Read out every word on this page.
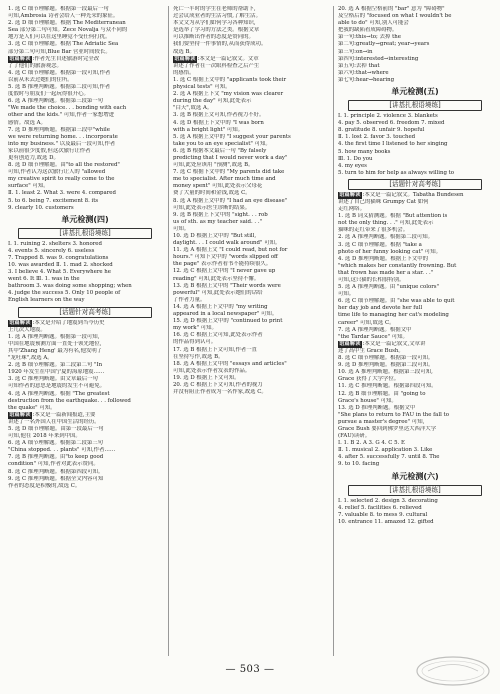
1. 选 C 细节理解题。根据第一段最后一句
可知,Ambrosia 诗者会给人一种光荣的象征。
2. 选 D 细节理解题。根据 The Mediterranean
Sea 部分第二句可知。Zece Novalja 与众不同的
地方是人们可以在这里睡觉不受任何打扰。
3. 选 C 细节理解题。根据 The Adriatic Sea
部分第二句可知,Blue Bar 营业时间较长。
语篇解读 :作者先生自述旅游时完全改
了了他们的旅游观念。
4. 选 C 细节理解题。根据第一段可知,作者
以前从未去过她们的住所。
5. 选 B 推理判断题。根据第二段可知,作者
度假时与朋友们一起玩得很开心。
6. 选 A 推理判断题。根据第三段第一句
"We made the choice. . . bonding with each
other and the kids." 可知,作者一家想增进
感情。故选 A。
7. 选 D 推理判断题。根据第三段中"while
we were returning home. . . incorporate
into my business." 以及最后一段可知,作者
家以前很少度假,但这次旅行让作者
更有创造力,故选 D。
8. 选 D 细节理解题。由"to all the restored"
可知,作者认为这次旅行让人的 "allowed
my creative spirit to really come to the
surface" 可知。
Ⅱ. 1. least 2. What 3. were 4. compared
5. to 6. being 7. excitement 8. its
9. clearly 10. customers
单元检测(四)
[讲基扎根语境练]
Ⅰ. 1. ruining 2. shelters 3. honored
4. events 5. sincerely 6. useless
7. Trapped 8. was 9. congratulations
10. was awarded Ⅱ. 1. mad 2. shocked
3. I believe 4. What 5. Everywhere he
went 6. It Ⅲ. 1. was in the
bathroom 3. was doing some shopping; when
4. judge the success 5. Only 10 people of
English learners on the way
[话题针对高考练]
语篇解读 :本文是介绍了地震到当今历史
上几次大地震。
1. 选 A 推理判断题。根据第一段可知,
中国在地震预测方面一直处于领先地位,
其中'Zhang Heng' 最为有名,他发明了
"龙吐珠",故选 A。
2. 选 B 细节理解题。第二段第二句 "In
1920 年发生在中国宁夏的海原地震……
3. 选 C 推理判断题。由文章最后一句
可知作者的意思是地震的发生不可避免。
4. 选 A 推理判断题。根据 "The greatest
destruction from the earthquake. . . followed
the quake" 可知。
语篇解读 :本文是一篇新闻报道,主要
讲述了一名外国人在中国生活的经历。
5. 选 D 细节理解题。由第一段最后一句
可知,他在 2018 年来到中国。
6. 选 A 细节理解题。根据第二段第三句
"China stopped. . . plants" 可知,作者……
7. 选 B 推理判断题。由"to keep good
condition" 可知,作者对此表示赞同。
8. 选 C 推理判断题。根据第四段可知。
9. 选 C 推理判断题。根据全文内容可知
作者的态度是积极的,故选 C。
死亡一半时的学生在老师的帮助下,
过会议成业者的生活习惯,了解生活。
本文文为从学们如何学习各种知识,
是选举了学习的方法之类。根据文章
可以推断出作者的态度是赞同的。
我们要坚持一件事情的,从而获得成功。
故选 B。
语篇解读 :本文是一篇记叙文。文章
讲述了作者在一次眼科检查之后产生
的感悟。
1. 选 C 根据上文中的 "applicants took their
physical tests" 可知。
2. 选 A 根据上下文 "my vision was clearer
during the day" 可知,此处表示
"白天",故选 A。
3. 选 B 根据上文可知,作者视力不好。
4. 选 D 根据上下文中的 "I was born
with a bright light" 可知。
5. 选 A 根据上文中的 "I suggest your parents
take you to an eye specialist" 可知。
6. 选 B 根据本文最后一句 "By falsely
predicting that I would never work a day"
可知,此处应该用 "预测",故选 B。
7. 选 C 根据下文中的 "My parents did take
me to specialist. After much time and
money spent" 可知,此处表示父母花
费了大量的时间和金钱,故选 C。
8. 选 A 根据上文中的 "I had an eye disease"
可知,此处表示医生诊断的结果。
9. 选 B 根据上下文中的 "sight. . . rob
us of sth. as my teacher said. . ."
可知。
10. 选 D 根据上文中的 "But still,
daylight. . . I could walk around" 可知。
11. 选 A 根据上文 "I could read, but not for
hours." 可知下文中的 "words slipped off
the page" 表示作者看书不能持续很久。
12. 选 C 根据上文中的 "I never gave up
reading" 可知,此处表示坚持不懈。
13. 选 B 根据上文中的 "Their words were
powerful" 可知,此处表示她们的话给
了作者力量。
14. 选 A 根据上下文中的 "my writing
appeared in a local newspaper" 可知。
15. 选 D 根据上文中的 "continued to print
my work" 可知。
16. 选 C 根据上文可知,此处表示作者
的作品得到认可。
17. 选 B 根据上下文可知,作者一直
在坚持写作,故选 B。
18. 选 A 根据上文中的 "essays and articles"
可知,此处表示作者发表的作品。
19. 选 D 根据上下文可知。
20. 选 C 根据上下文可知,作者的视力
并没有阻止作者成为一名作家,故选 C。
20. 选 A 根据空格前的 "bar" 意为 "障碍物"
及空格后的 "focused on what I wouldn't be
able to do" 可知,别人可能会
把我的缺陷看成障碍物。
第一句:this→to; 去掉 the
第二句:greatly→great; year→years
第三句:on→in
第四句:interested→interesting
第五句:去掉 that
第六句:that→where
第七句:hear→hearing
单元检测(五)
[讲基扎根语境练]
Ⅰ. 1. principle 2. violence 3. blankets
4. pay 5. observed 6. freedom 7. mixed
8. gratitude 8. unfair 9. hopeful
Ⅱ. 1. lost 2. favor 3. touched
4. the first time I listened to her singing
5. how many books
Ⅲ. 1. Do you
4. my eyes
5. turn to him for help as always willing to
[话题针对高考练]
语篇解读 :本文是一篇记叙文。Tabatha Bundesen
讲述了自己的猫咪 Grumpy Cat 如何
走红网络。
1. 选 B 词义猜测题。根据 "But attention is
not the only thing. . ." 可知,此处表示
猫咪的走红带来了很多机会。
2. 选 A 推理判断题。根据第二段可知。
3. 选 C 细节理解题。根据 "take a
photo of her funny looking cat" 可知。
4. 选 D 推理判断题。根据上下文中的
"which makes her constantly frowning. But
that frown has made her a star. . ."
可知,这只猫的长相很特别。
5. 选 A 推理判断题。由 "unique colors"
可知。
6. 选 C 细节理解题。由 "she was able to quit
her day job and devote her full
time life to managing her cat's modeling
career" 可知,故选 C。
7. 选 A 推理判断题。根据文中
"the Tardar Sauce" 可知。
语篇解读 :本文是一篇记叙文,文章讲
述了高中生 Grace Bush。
8. 选 C 细节理解题。根据第一段可知。
9. 选 D 推理判断题。根据第二段可知。
10. 选 A 推理判断题。根据第三段可知,
Grace 获得了大学学位。
11. 选 C 推理判断题。根据第四段可知。
12. 选 B 细节理解题。由 "going to
Grace's house" 可知。
13. 选 D 推理判断题。根据文中
"She plans to return to FAU in the fall to
pursue a master's degree" 可知,
Grace Bush 要回到佛罗里达大西洋大学
(FAU)读研。
Ⅰ. 1. B 2. A 3. G 4. C 5. E
Ⅱ. 1. musical 2. application 3. Like
4. after 5. successfully 7. until 8. The
9. to 10. facing
单元检测(六)
[讲基扎根语境练]
Ⅰ. 1. selected 2. design 3. decorating
4. relief 5. facilities 6. relieved
7. valuable 8. to mess 9. cultural
10. entrance 11. amazed 12. gifted
— 503 —
